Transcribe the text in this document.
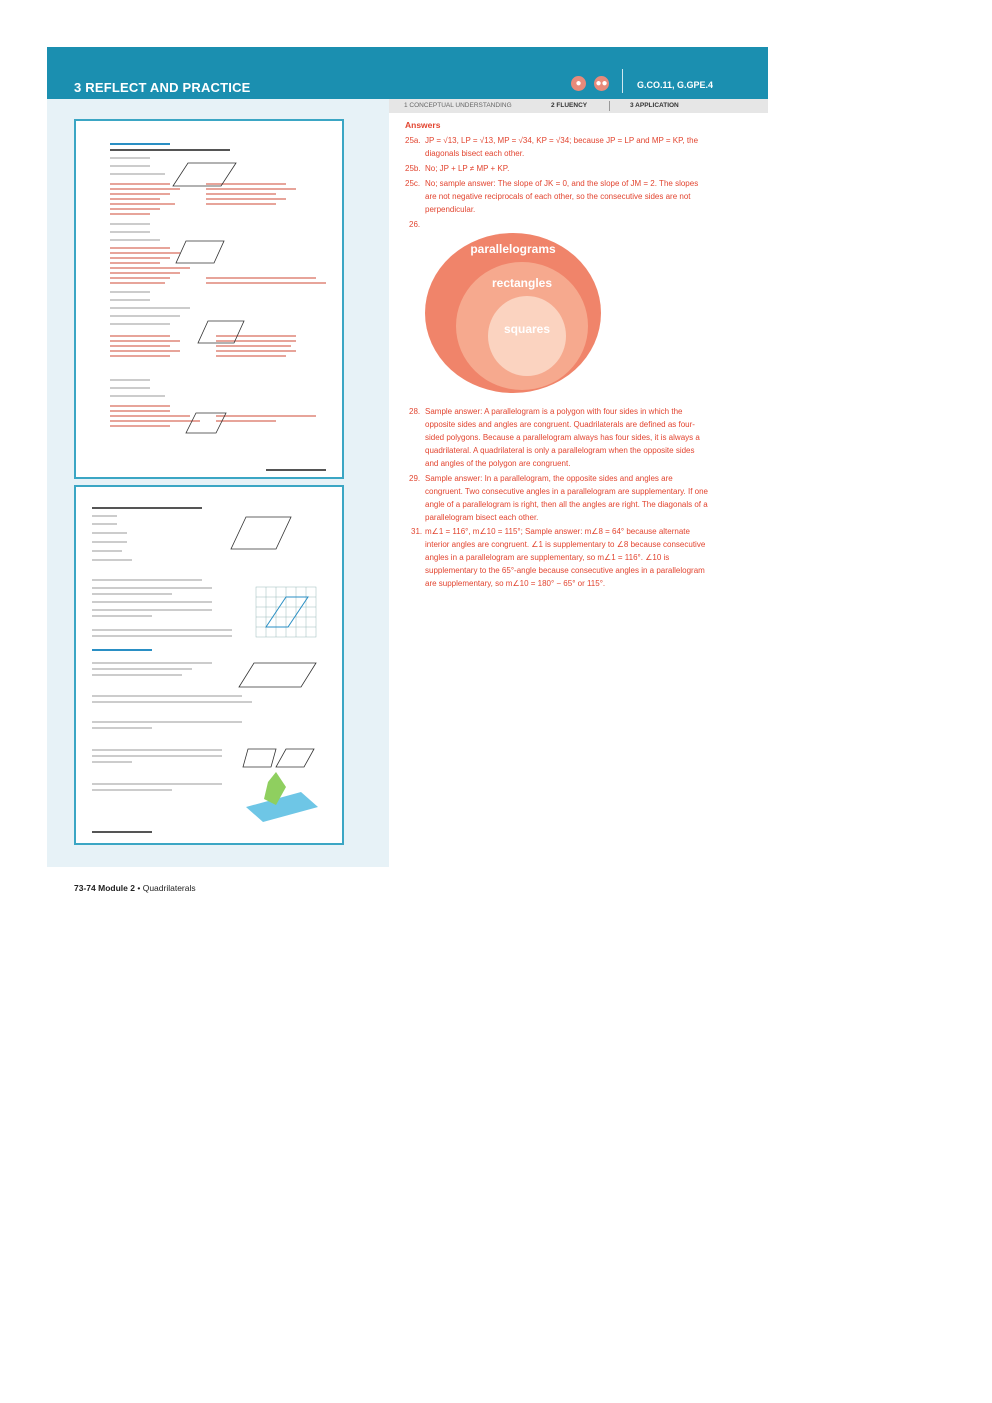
3 REFLECT AND PRACTICE	●	●●	G.CO.11, G.GPE.4
1 CONCEPTUAL UNDERSTANDING	2 FLUENCY	3 APPLICATION
Answers
25a. JP = √13, LP = √13, MP = √34, KP = √34; because JP = LP and MP = KP, the diagonals bisect each other.
25b. No; JP + LP ≠ MP + KP.
25c. No; sample answer: The slope of JK = 0, and the slope of JM = 2. The slopes are not negative reciprocals of each other, so the consecutive sides are not perpendicular.
26.
28. Sample answer: A parallelogram is a polygon with four sides in which the opposite sides and angles are congruent. Quadrilaterals are defined as four-sided polygons. Because a parallelogram always has four sides, it is always a quadrilateral. A quadrilateral is only a parallelogram when the opposite sides and angles of the polygon are congruent.
29. Sample answer: In a parallelogram, the opposite sides and angles are congruent. Two consecutive angles in a parallelogram are supplementary. If one angle of a parallelogram is right, then all the angles are right. The diagonals of a parallelogram bisect each other.
31. m∠1 = 116°, m∠10 = 115°; Sample answer: m∠8 = 64° because alternate interior angles are congruent. ∠1 is supplementary to ∠8 because consecutive angles in a parallelogram are supplementary, so m∠1 = 116°. ∠10 is supplementary to the 65°-angle because consecutive angles in a parallelogram are supplementary, so m∠10 = 180° − 65° or 115°.
parallelograms
rectangles
squares
73-74 Module 2 • Quadrilaterals
